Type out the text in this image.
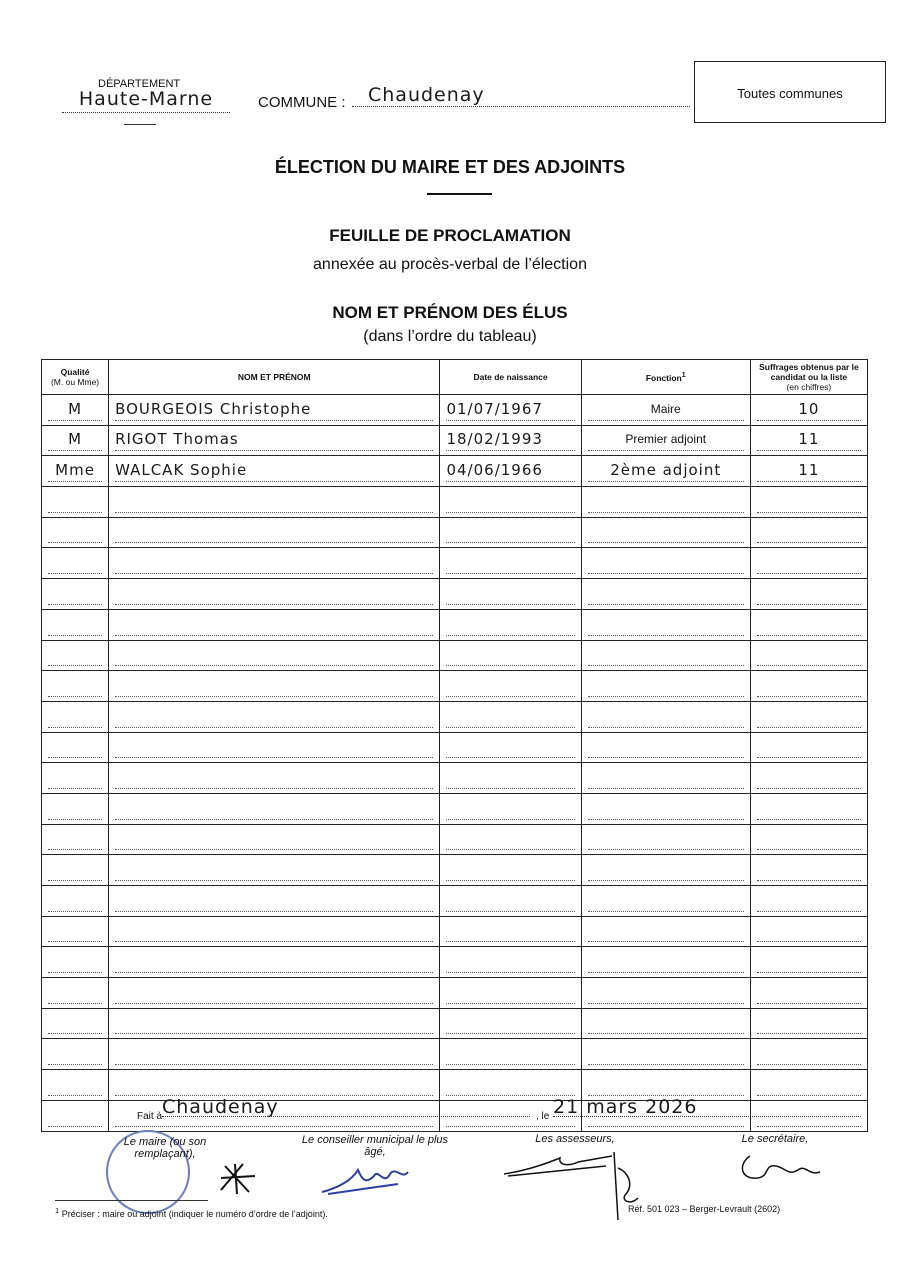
DÉPARTEMENT
Haute-Marne	COMMUNE :	Chaudenay	Toutes communes
ÉLECTION DU MAIRE ET DES ADJOINTS
FEUILLE DE PROCLAMATION
annexée au procès-verbal de l’élection
NOM ET PRÉNOM DES ÉLUS
(dans l’ordre du tableau)
Qualité
(M. ou Mme)	NOM ET PRÉNOM	Date de naissance	Fonction$^1$	Suffrages obtenus par le candidat ou la liste
(en chiffres)

M	BOURGEOIS Christophe	01/07/1967	Maire	10

M	RIGOT Thomas	18/02/1993	Premier adjoint	11

Mme	WALCAK Sophie	04/06/1966	2ème adjoint	11

Fait à Chaudenay	, le 21 mars 2026
Le maire (ou son remplaçant),
Le conseiller municipal le plus âgé,
Les assesseurs,	Le secrétaire,
$^1$ Préciser : maire ou adjoint (indiquer le numéro d’ordre de l’adjoint).	Réf. 501 023 – Berger-Levrault (2602)
